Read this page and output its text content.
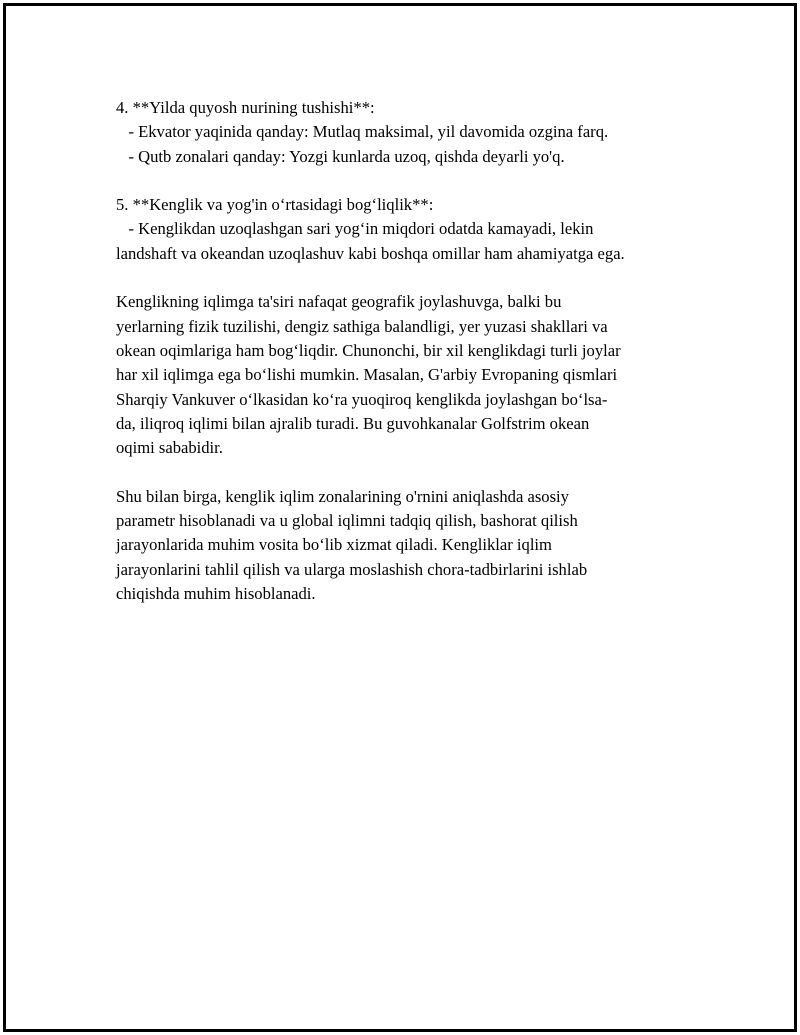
4. **Yilda quyosh nurining tushishi**:

- Ekvator yaqinida qanday: Mutlaq maksimal, yil davomida ozgina farq.

- Qutb zonalari qanday: Yozgi kunlarda uzoq, qishda deyarli yo'q.

5. **Kenglik va yog'in o‘rtasidagi bog‘liqlik**:

- Kenglikdan uzoqlashgan sari yog‘in miqdori odatda kamayadi, lekin

landshaft va okeandan uzoqlashuv kabi boshqa omillar ham ahamiyatga ega.

Kenglikning iqlimga ta'siri nafaqat geografik joylashuvga, balki bu

yerlarning fizik tuzilishi, dengiz sathiga balandligi, yer yuzasi shakllari va

okean oqimlariga ham bog‘liqdir. Chunonchi, bir xil kenglikdagi turli joylar

har xil iqlimga ega bo‘lishi mumkin. Masalan, G'arbiy Evropaning qismlari

Sharqiy Vankuver o‘lkasidan ko‘ra yuoqiroq kenglikda joylashgan bo‘lsa-

da, iliqroq iqlimi bilan ajralib turadi. Bu guvohkanalar Golfstrim okean

oqimi sababidir.

Shu bilan birga, kenglik iqlim zonalarining o'rnini aniqlashda asosiy

parametr hisoblanadi va u global iqlimni tadqiq qilish, bashorat qilish

jarayonlarida muhim vosita bo‘lib xizmat qiladi. Kengliklar iqlim

jarayonlarini tahlil qilish va ularga moslashish chora-tadbirlarini ishlab

chiqishda muhim hisoblanadi.
